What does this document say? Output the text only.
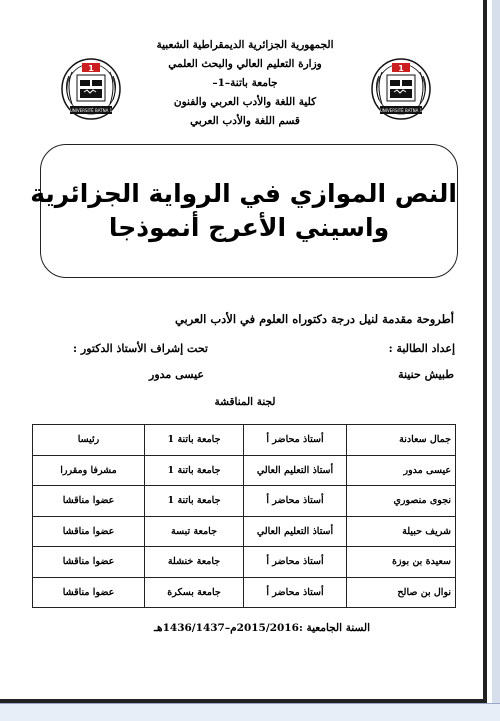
1
UNIVERSITÉ BATNA 1
1
UNIVERSITÉ BATNA 1
الجمهورية الجزائرية الديمقراطية الشعبية
وزارة التعليم العالي والبحث العلمي
جامعة باتنة–1–
كلية اللغة والأدب العربي والفنون
قسم اللغة والأدب العربي
النص الموازي في الرواية الجزائرية
واسيني الأعرج أنموذجا
أطروحة مقدمة لنيل درجة دكتوراه العلوم في الأدب العربي
إعداد الطالبة :
تحت إشراف الأستاذ الدكتور :
طبيش حنينة
عيسى مدور
لجنة المناقشة
جمال سعادنة	أستاذ محاضر أ	جامعة باتنة 1	رئيسا
عيسى مدور	أستاذ التعليم العالي	جامعة باتنة 1	مشرفا ومقررا
نجوى منصوري	أستاذ محاضر أ	جامعة باتنة 1	عضوا مناقشا
شريف حبيلة	أستاذ التعليم العالي	جامعة تبسة	عضوا مناقشا
سعيدة بن بوزة	أستاذ محاضر أ	جامعة خنشلة	عضوا مناقشا
نوال بن صالح	أستاذ محاضر أ	جامعة بسكرة	عضوا مناقشا
السنة الجامعية :2015/2016م–1436/1437هـ
